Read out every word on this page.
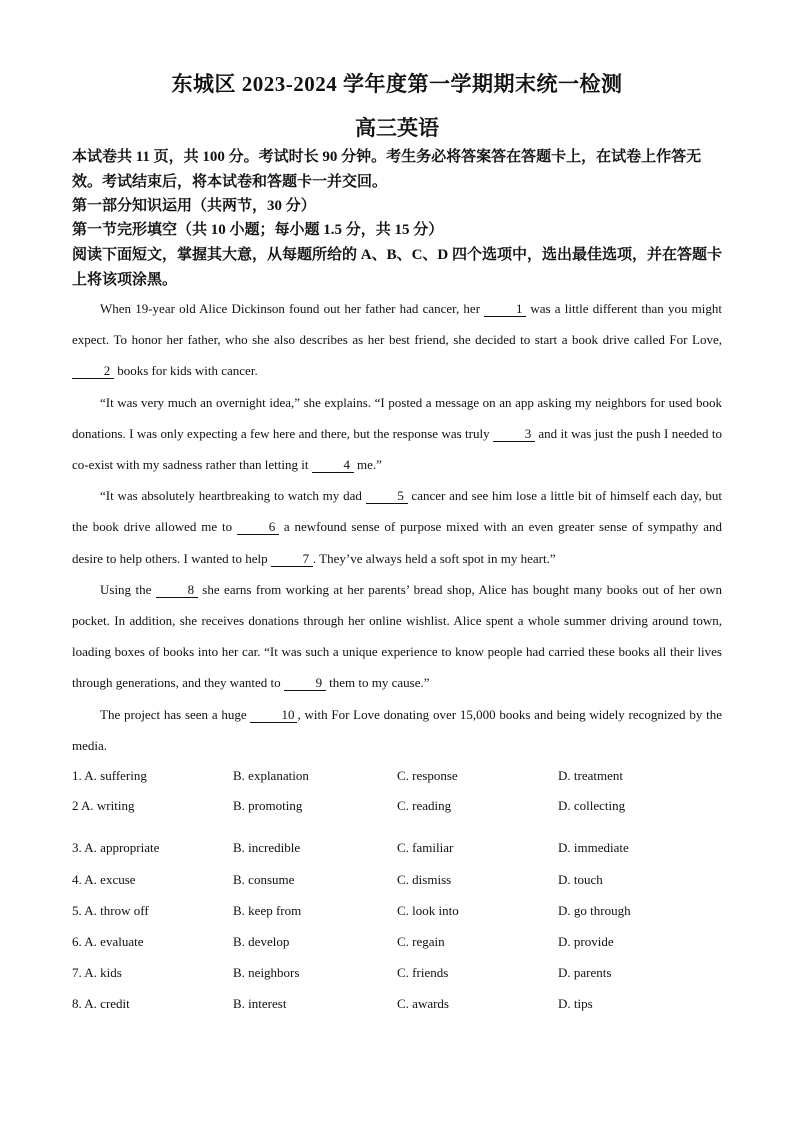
东城区 2023-2024 学年度第一学期期末统一检测
高三英语
本试卷共 11 页，共 100 分。考试时长 90 分钟。考生务必将答案答在答题卡上，在试卷上作答无效。考试结束后，将本试卷和答题卡一并交回。
第一部分知识运用（共两节，30 分）
第一节完形填空（共 10 小题；每小题 1.5 分，共 15 分）
阅读下面短文，掌握其大意，从每题所给的 A、B、C、D 四个选项中，选出最佳选项，并在答题卡上将该项涂黑。

When 19-year old Alice Dickinson found out her father had cancer, her 1 was a little different than you might expect. To honor her father, who she also describes as her best friend, she decided to start a book drive called For Love, 2 books for kids with cancer.

“It was very much an overnight idea,” she explains. “I posted a message on an app asking my neighbors for used book donations. I was only expecting a few here and there, but the response was truly 3 and it was just the push I needed to co-exist with my sadness rather than letting it 4 me.”

“It was absolutely heartbreaking to watch my dad 5 cancer and see him lose a little bit of himself each day, but the book drive allowed me to 6 a newfound sense of purpose mixed with an even greater sense of sympathy and desire to help others. I wanted to help 7 . They’ve always held a soft spot in my heart.”

Using the 8 she earns from working at her parents’ bread shop, Alice has bought many books out of her own pocket. In addition, she receives donations through her online wishlist. Alice spent a whole summer driving around town, loading boxes of books into her car. “It was such a unique experience to know people had carried these books all their lives through generations, and they wanted to 9 them to my cause.”

The project has seen a huge 10 , with For Love donating over 15,000 books and being widely recognized by the media.

1. A. suffering	B. explanation	C. response	D. treatment
2 A. writing	B. promoting	C. reading	D. collecting
3. A. appropriate	B. incredible	C. familiar	D. immediate
4. A. excuse	B. consume	C. dismiss	D. touch
5. A. throw off	B. keep from	C. look into	D. go through
6. A. evaluate	B. develop	C. regain	D. provide
7. A. kids	B. neighbors	C. friends	D. parents
8. A. credit	B. interest	C. awards	D. tips
